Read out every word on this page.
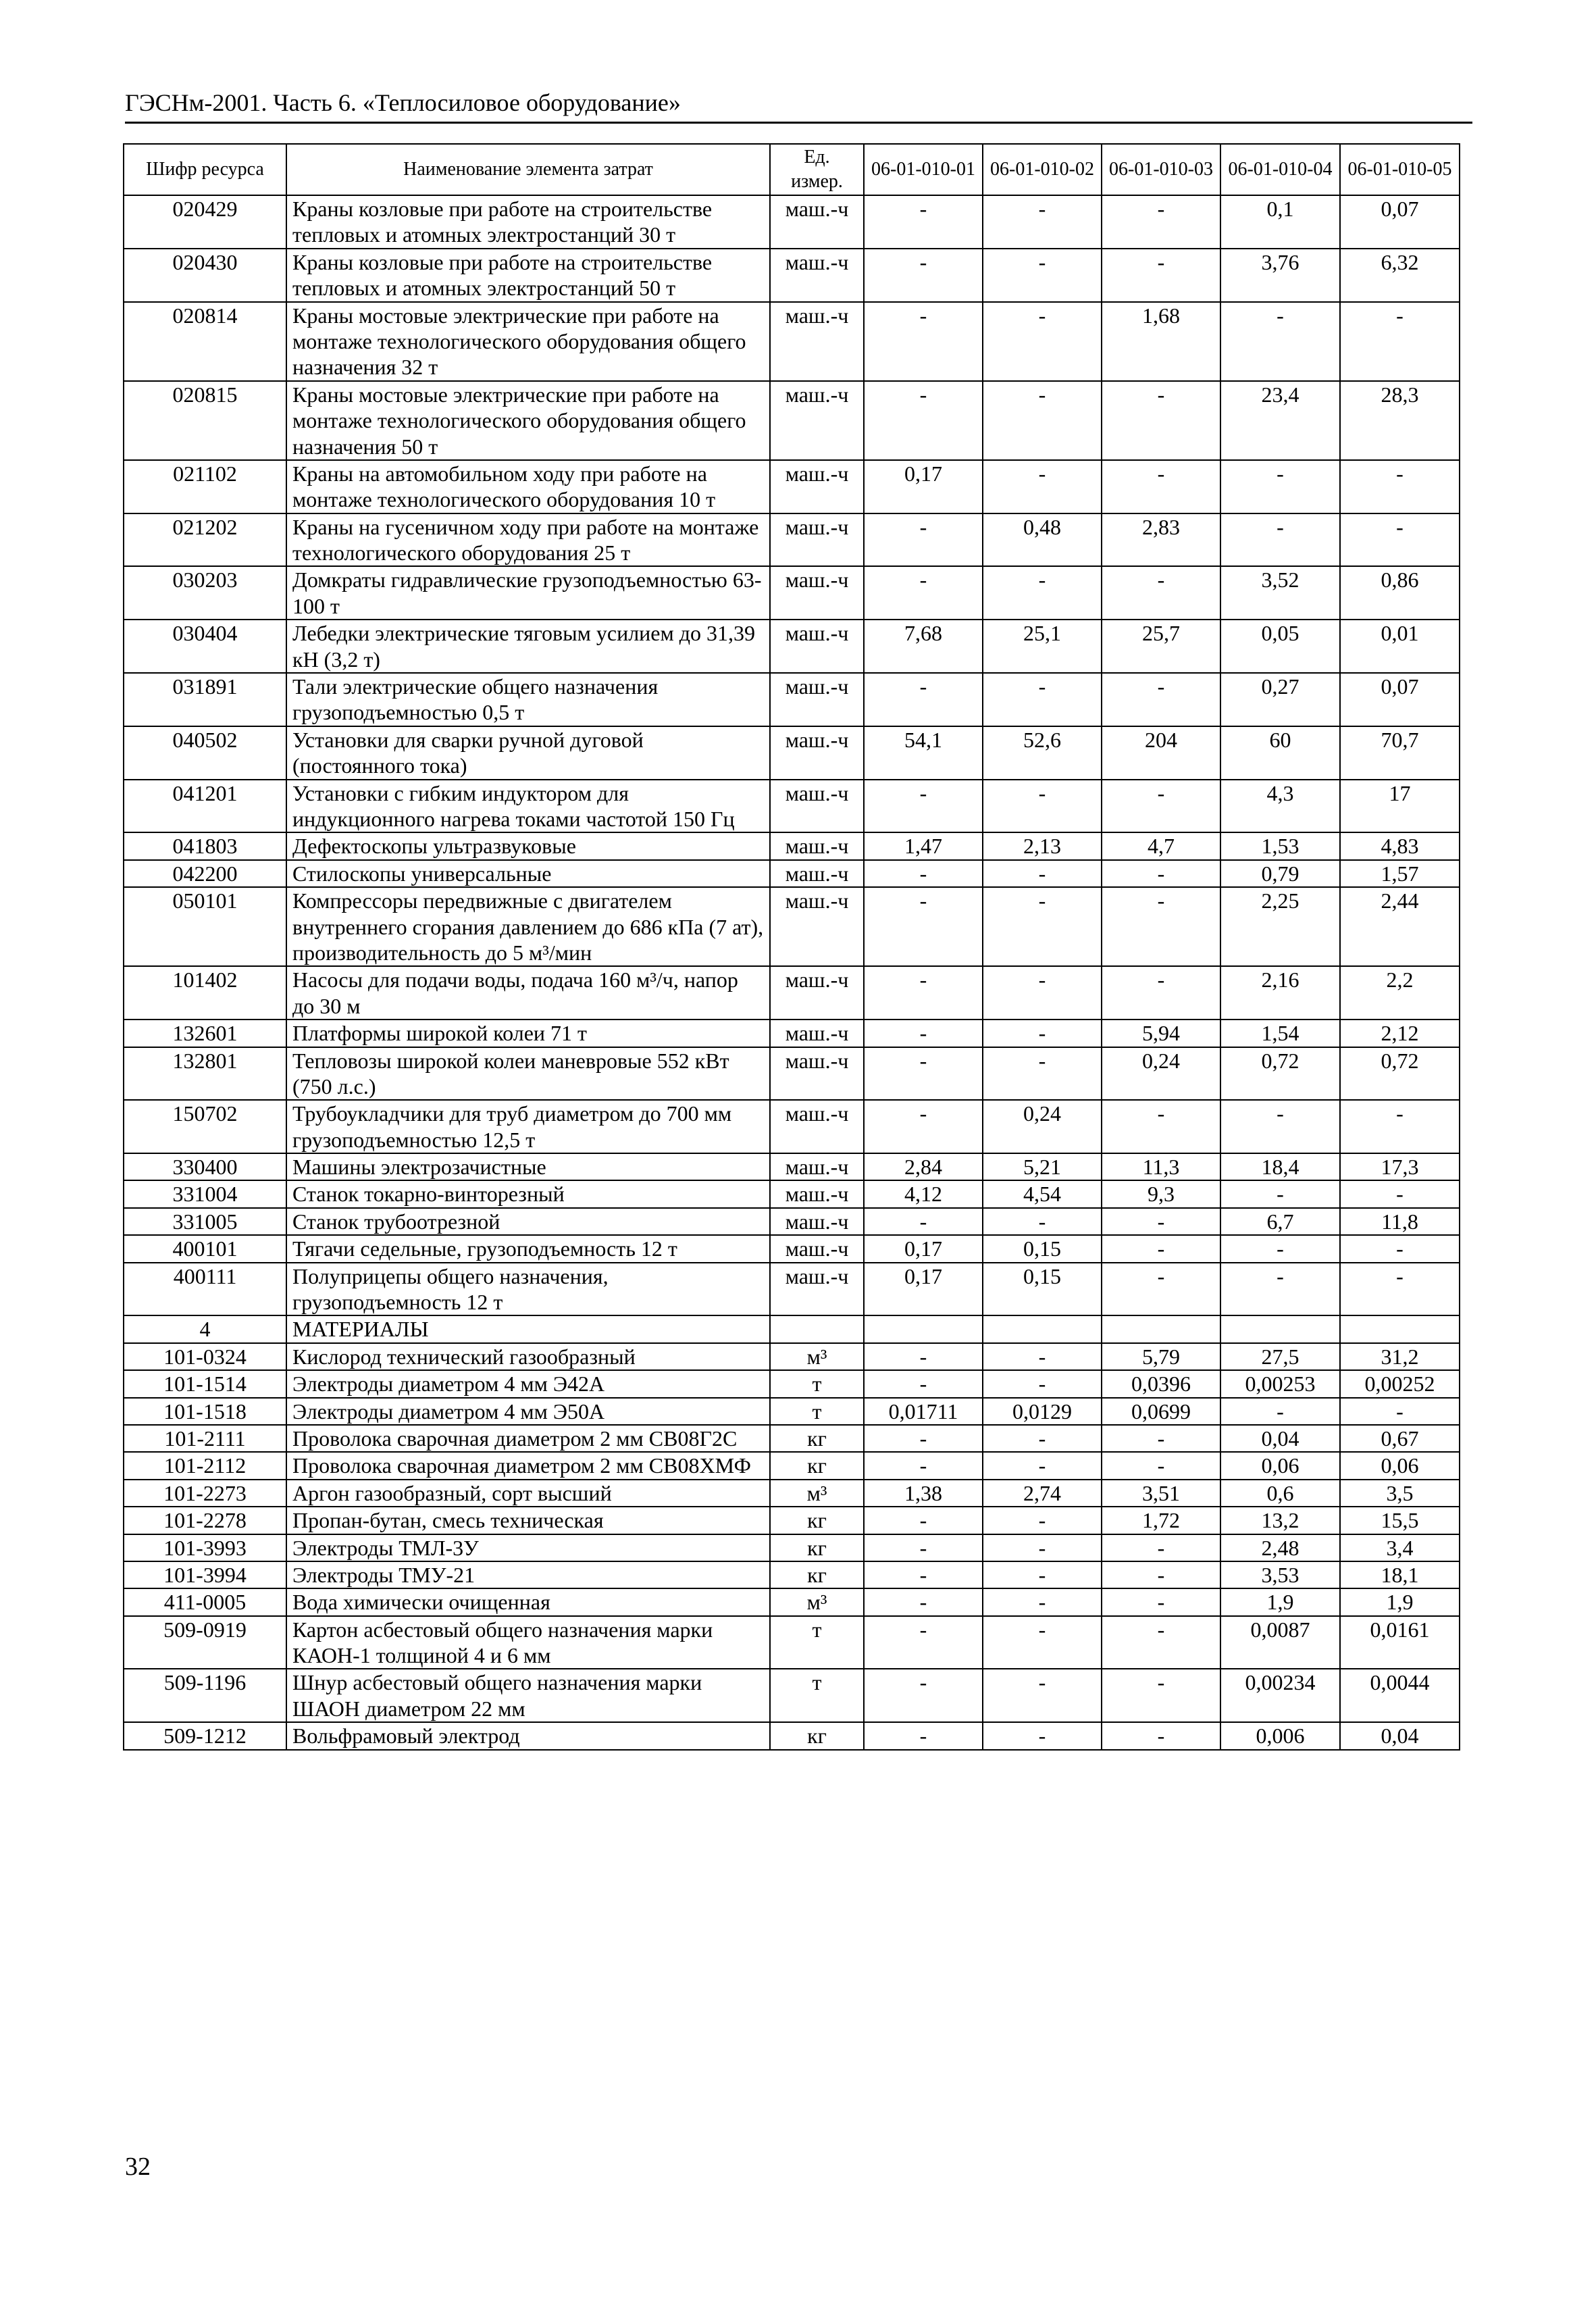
ГЭСНм-2001. Часть 6. «Теплосиловое оборудование»
Шифр ресурса	Наименование элемента затрат	Ед. измер.	06-01-010-01	06-01-010-02	06-01-010-03	06-01-010-04	06-01-010-05
020429	Краны козловые при работе на строительстве тепловых и атомных электростанций 30 т	маш.-ч	-	-	-	0,1	0,07
020430	Краны козловые при работе на строительстве тепловых и атомных электростанций 50 т	маш.-ч	-	-	-	3,76	6,32
020814	Краны мостовые электрические при работе на монтаже технологического оборудования общего назначения 32 т	маш.-ч	-	-	1,68	-	-
020815	Краны мостовые электрические при работе на монтаже технологического оборудования общего назначения 50 т	маш.-ч	-	-	-	23,4	28,3
021102	Краны на автомобильном ходу при работе на монтаже технологического оборудования 10 т	маш.-ч	0,17	-	-	-	-
021202	Краны на гусеничном ходу при работе на монтаже технологического оборудования 25 т	маш.-ч	-	0,48	2,83	-	-
030203	Домкраты гидравлические грузоподъемностью 63-100 т	маш.-ч	-	-	-	3,52	0,86
030404	Лебедки электрические тяговым усилием до 31,39 кН (3,2 т)	маш.-ч	7,68	25,1	25,7	0,05	0,01
031891	Тали электрические общего назначения грузоподъемностью 0,5 т	маш.-ч	-	-	-	0,27	0,07
040502	Установки для сварки ручной дуговой (постоянного тока)	маш.-ч	54,1	52,6	204	60	70,7
041201	Установки с гибким индуктором для индукционного нагрева токами частотой 150 Гц	маш.-ч	-	-	-	4,3	17
041803	Дефектоскопы ультразвуковые	маш.-ч	1,47	2,13	4,7	1,53	4,83
042200	Стилоскопы универсальные	маш.-ч	-	-	-	0,79	1,57
050101	Компрессоры передвижные с двигателем внутреннего сгорания давлением до 686 кПа (7 ат), производительность до 5 м³/мин	маш.-ч	-	-	-	2,25	2,44
101402	Насосы для подачи воды, подача 160 м³/ч, напор до 30 м	маш.-ч	-	-	-	2,16	2,2
132601	Платформы широкой колеи 71 т	маш.-ч	-	-	5,94	1,54	2,12
132801	Тепловозы широкой колеи маневровые 552 кВт (750 л.с.)	маш.-ч	-	-	0,24	0,72	0,72
150702	Трубоукладчики для труб диаметром до 700 мм грузоподъемностью 12,5 т	маш.-ч	-	0,24	-	-	-
330400	Машины электрозачистные	маш.-ч	2,84	5,21	11,3	18,4	17,3
331004	Станок токарно-винторезный	маш.-ч	4,12	4,54	9,3	-	-
331005	Станок трубоотрезной	маш.-ч	-	-	-	6,7	11,8
400101	Тягачи седельные, грузоподъемность 12 т	маш.-ч	0,17	0,15	-	-	-
400111	Полуприцепы общего назначения, грузоподъемность 12 т	маш.-ч	0,17	0,15	-	-	-
4	МАТЕРИАЛЫ						
101-0324	Кислород технический газообразный	м³	-	-	5,79	27,5	31,2
101-1514	Электроды диаметром 4 мм Э42А	т	-	-	0,0396	0,00253	0,00252
101-1518	Электроды диаметром 4 мм Э50А	т	0,01711	0,0129	0,0699	-	-
101-2111	Проволока сварочная диаметром 2 мм СВ08Г2С	кг	-	-	-	0,04	0,67
101-2112	Проволока сварочная диаметром 2 мм СВ08ХМФ	кг	-	-	-	0,06	0,06
101-2273	Аргон газообразный, сорт высший	м³	1,38	2,74	3,51	0,6	3,5
101-2278	Пропан-бутан, смесь техническая	кг	-	-	1,72	13,2	15,5
101-3993	Электроды ТМЛ-3У	кг	-	-	-	2,48	3,4
101-3994	Электроды ТМУ-21	кг	-	-	-	3,53	18,1
411-0005	Вода химически очищенная	м³	-	-	-	1,9	1,9
509-0919	Картон асбестовый общего назначения марки КАОН-1 толщиной 4 и 6 мм	т	-	-	-	0,0087	0,0161
509-1196	Шнур асбестовый общего назначения марки ШАОН диаметром 22 мм	т	-	-	-	0,00234	0,0044
509-1212	Вольфрамовый электрод	кг	-	-	-	0,006	0,04
32
